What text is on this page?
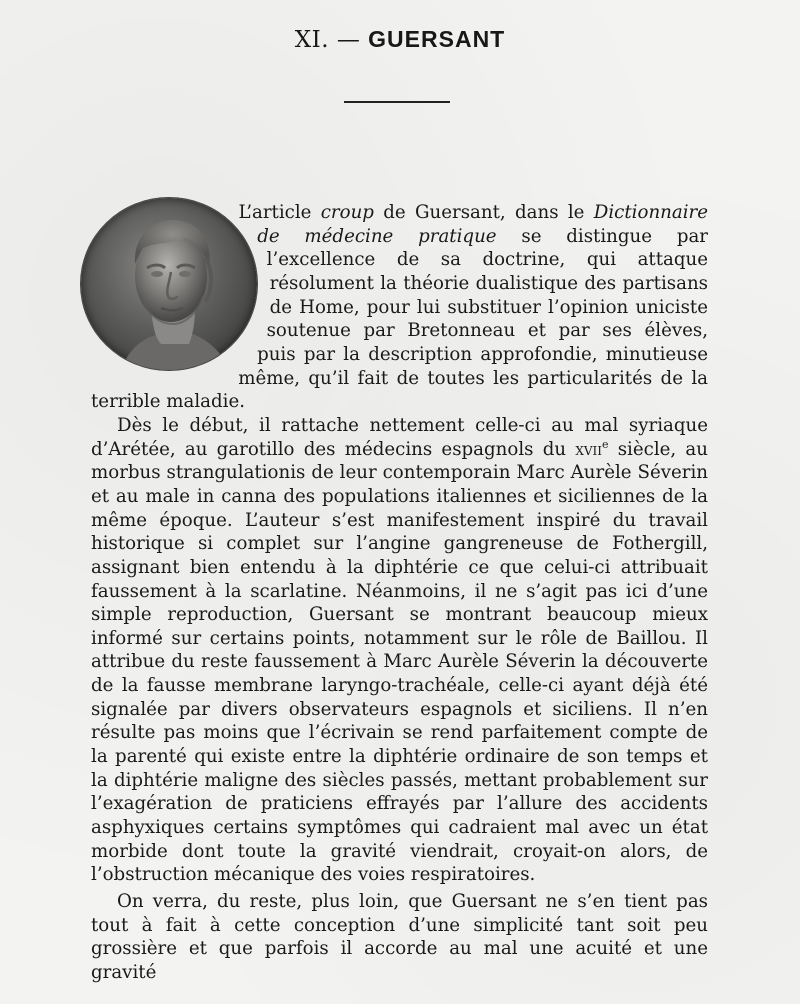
XI. — GUERSANT

L’article croup de Guersant, dans le Dictionnaire de médecine pratique se distingue par l’excellence de sa doctrine, qui attaque résolument la théorie dualistique des partisans de Home, pour lui substituer l’opinion uniciste soutenue par Bretonneau et par ses élèves, puis par la description approfondie, minutieuse même, qu’il fait de toutes les particularités de la terrible maladie.

Dès le début, il rattache nettement celle-ci au mal syriaque d’Arétée, au garotillo des médecins espagnols du xvii$^e$ siècle, au morbus strangulationis de leur contemporain Marc Aurèle Séverin et au male in canna des populations italiennes et siciliennes de la même époque. L’auteur s’est manifestement inspiré du travail historique si complet sur l’angine gangreneuse de Fothergill, assignant bien entendu à la diphtérie ce que celui-ci attribuait faussement à la scarlatine. Néanmoins, il ne s’agit pas ici d’une simple reproduction, Guersant se montrant beaucoup mieux informé sur certains points, notamment sur le rôle de Baillou. Il attribue du reste faussement à Marc Aurèle Séverin la découverte de la fausse membrane laryngo-trachéale, celle-ci ayant déjà été signalée par divers observateurs espagnols et siciliens. Il n’en résulte pas moins que l’écrivain se rend parfaitement compte de la parenté qui existe entre la diphtérie ordinaire de son temps et la diphtérie maligne des siècles passés, mettant probablement sur l’exagération de praticiens effrayés par l’allure des accidents asphyxiques certains symptômes qui cadraient mal avec un état morbide dont toute la gravité viendrait, croyait-on alors, de l’obstruction mécanique des voies respiratoires.

On verra, du reste, plus loin, que Guersant ne s’en tient pas tout à fait à cette conception d’une simplicité tant soit peu grossière et que parfois il accorde au mal une acuité et une gravité
